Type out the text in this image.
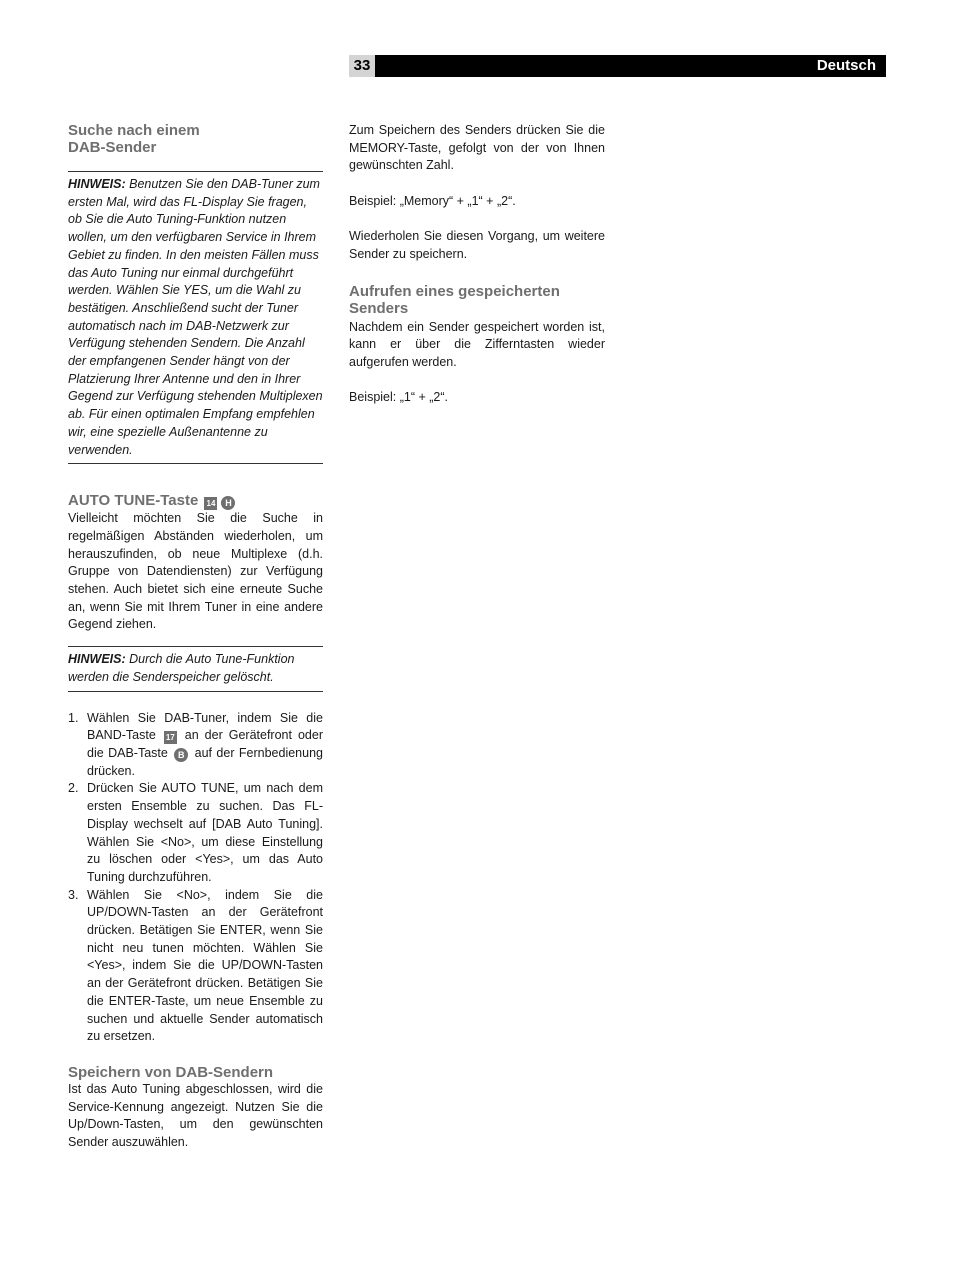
33	Deutsch
Suche nach einem
DAB-Sender
HINWEIS: Benutzen Sie den DAB-Tuner zum ersten Mal, wird das FL-Display Sie fragen, ob Sie die Auto Tuning-Funktion nutzen wollen, um den verfügbaren Service in Ihrem Gebiet zu finden. In den meisten Fällen muss das Auto Tuning nur einmal durchgeführt werden. Wählen Sie YES, um die Wahl zu bestätigen. Anschließend sucht der Tuner automatisch nach im DAB-Netzwerk zur Verfügung stehenden Sendern. Die Anzahl der empfangenen Sender hängt von der Platzierung Ihrer Antenne und den in Ihrer Gegend zur Verfügung stehenden Multiplexen ab. Für einen optimalen Empfang empfehlen wir, eine spezielle Außenantenne zu verwenden.
AUTO TUNE-Taste 14 H

Vielleicht möchten Sie die Suche in regelmäßigen Abständen wiederholen, um herauszufinden, ob neue Multiplexe (d.h. Gruppe von Datendiensten) zur Verfügung stehen. Auch bietet sich eine erneute Suche an, wenn Sie mit Ihrem Tuner in eine andere Gegend ziehen.

HINWEIS: Durch die Auto Tune-Funktion werden die Senderspeicher gelöscht.
1. Wählen Sie DAB-Tuner, indem Sie die BAND-Taste 17 an der Gerätefront oder die DAB-Taste B auf der Fernbedienung drücken.
2. Drücken Sie AUTO TUNE, um nach dem ersten Ensemble zu suchen. Das FL-Display wechselt auf [DAB Auto Tuning]. Wählen Sie <No>, um diese Einstellung zu löschen oder <Yes>, um das Auto Tuning durchzuführen.
3. Wählen Sie <No>, indem Sie die UP/DOWN-Tasten an der Gerätefront drücken. Betätigen Sie ENTER, wenn Sie nicht neu tunen möchten. Wählen Sie <Yes>, indem Sie die UP/DOWN-Tasten an der Gerätefront drücken. Betätigen Sie die ENTER-Taste, um neue Ensemble zu suchen und aktuelle Sender automatisch zu ersetzen.
Speichern von DAB-Sendern

Ist das Auto Tuning abgeschlossen, wird die Service-Kennung angezeigt. Nutzen Sie die Up/Down-Tasten, um den gewünschten Sender auszuwählen.

Zum Speichern des Senders drücken Sie die MEMORY-Taste, gefolgt von der von Ihnen gewünschten Zahl.

Beispiel: „Memory“ + „1“ + „2“.

Wiederholen Sie diesen Vorgang, um weitere Sender zu speichern.

Aufrufen eines gespeicherten
Senders

Nachdem ein Sender gespeichert worden ist, kann er über die Zifferntasten wieder aufgerufen werden.

Beispiel: „1“ + „2“.
